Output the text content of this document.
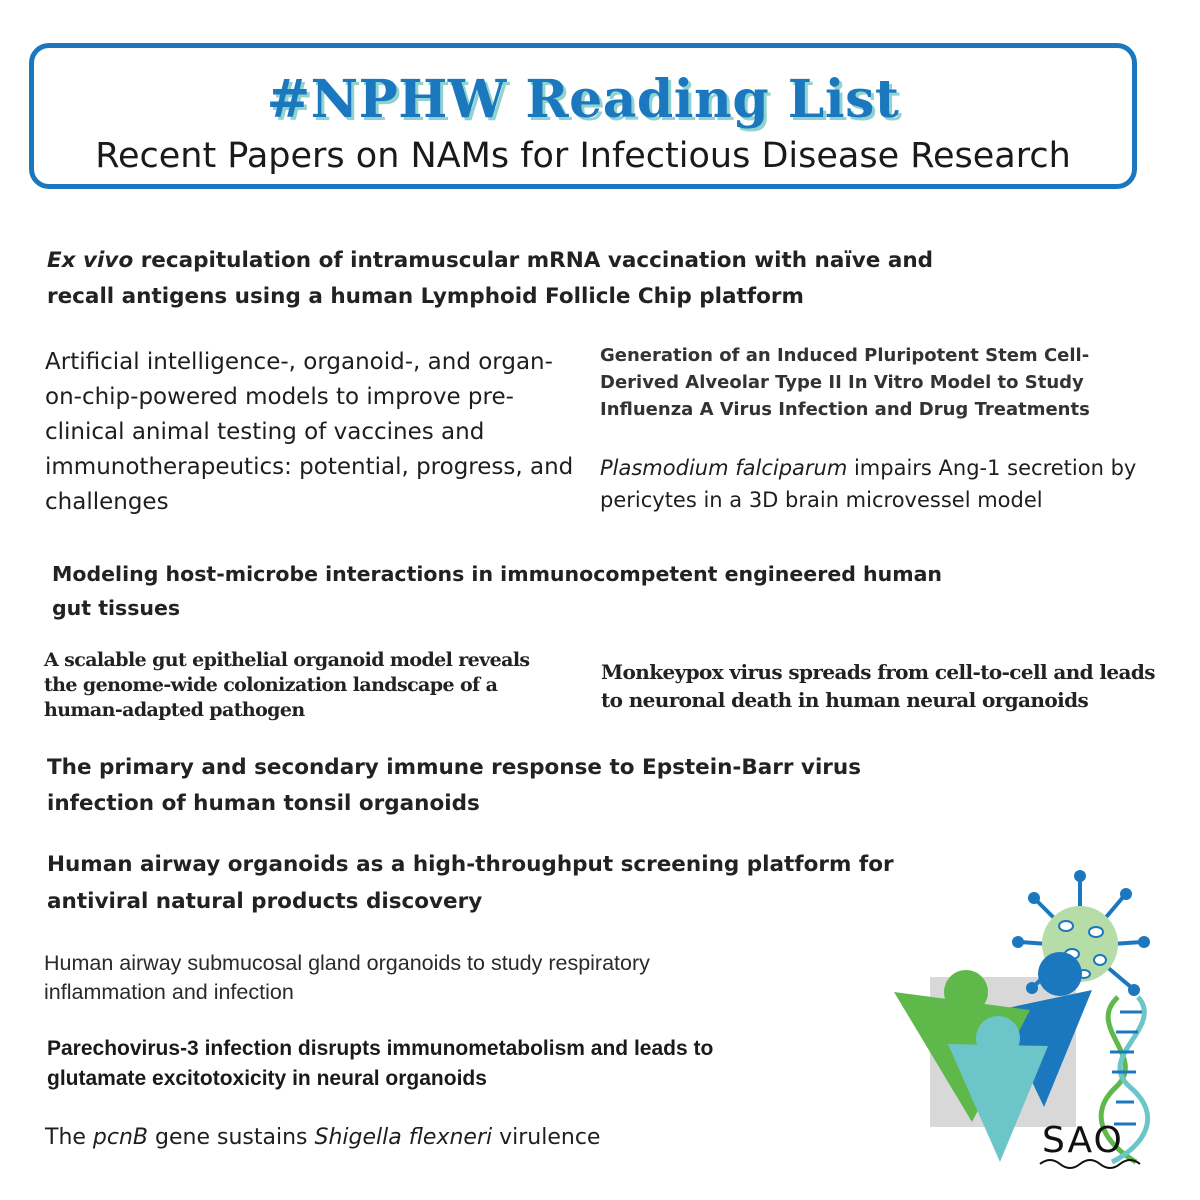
#NPHW Reading List

Recent Papers on NAMs for Infectious Disease Research

Ex vivo recapitulation of intramuscular mRNA vaccination with naïve and recall antigens using a human Lymphoid Follicle Chip platform

Artificial intelligence-, organoid-, and organ-on-chip-powered models to improve pre-clinical animal testing of vaccines and immunotherapeutics: potential, progress, and challenges

Generation of an Induced Pluripotent Stem Cell-Derived Alveolar Type II In Vitro Model to Study Influenza A Virus Infection and Drug Treatments

Plasmodium falciparum impairs Ang-1 secretion by pericytes in a 3D brain microvessel model

Modeling host-microbe interactions in immunocompetent engineered human gut tissues

A scalable gut epithelial organoid model reveals the genome-wide colonization landscape of a human-adapted pathogen

Monkeypox virus spreads from cell-to-cell and leads to neuronal death in human neural organoids

The primary and secondary immune response to Epstein-Barr virus infection of human tonsil organoids

Human airway organoids as a high-throughput screening platform for antiviral natural products discovery

Human airway submucosal gland organoids to study respiratory inflammation and infection

Parechovirus-3 infection disrupts immunometabolism and leads to glutamate excitotoxicity in neural organoids

The pcnB gene sustains Shigella flexneri virulence	SAO
